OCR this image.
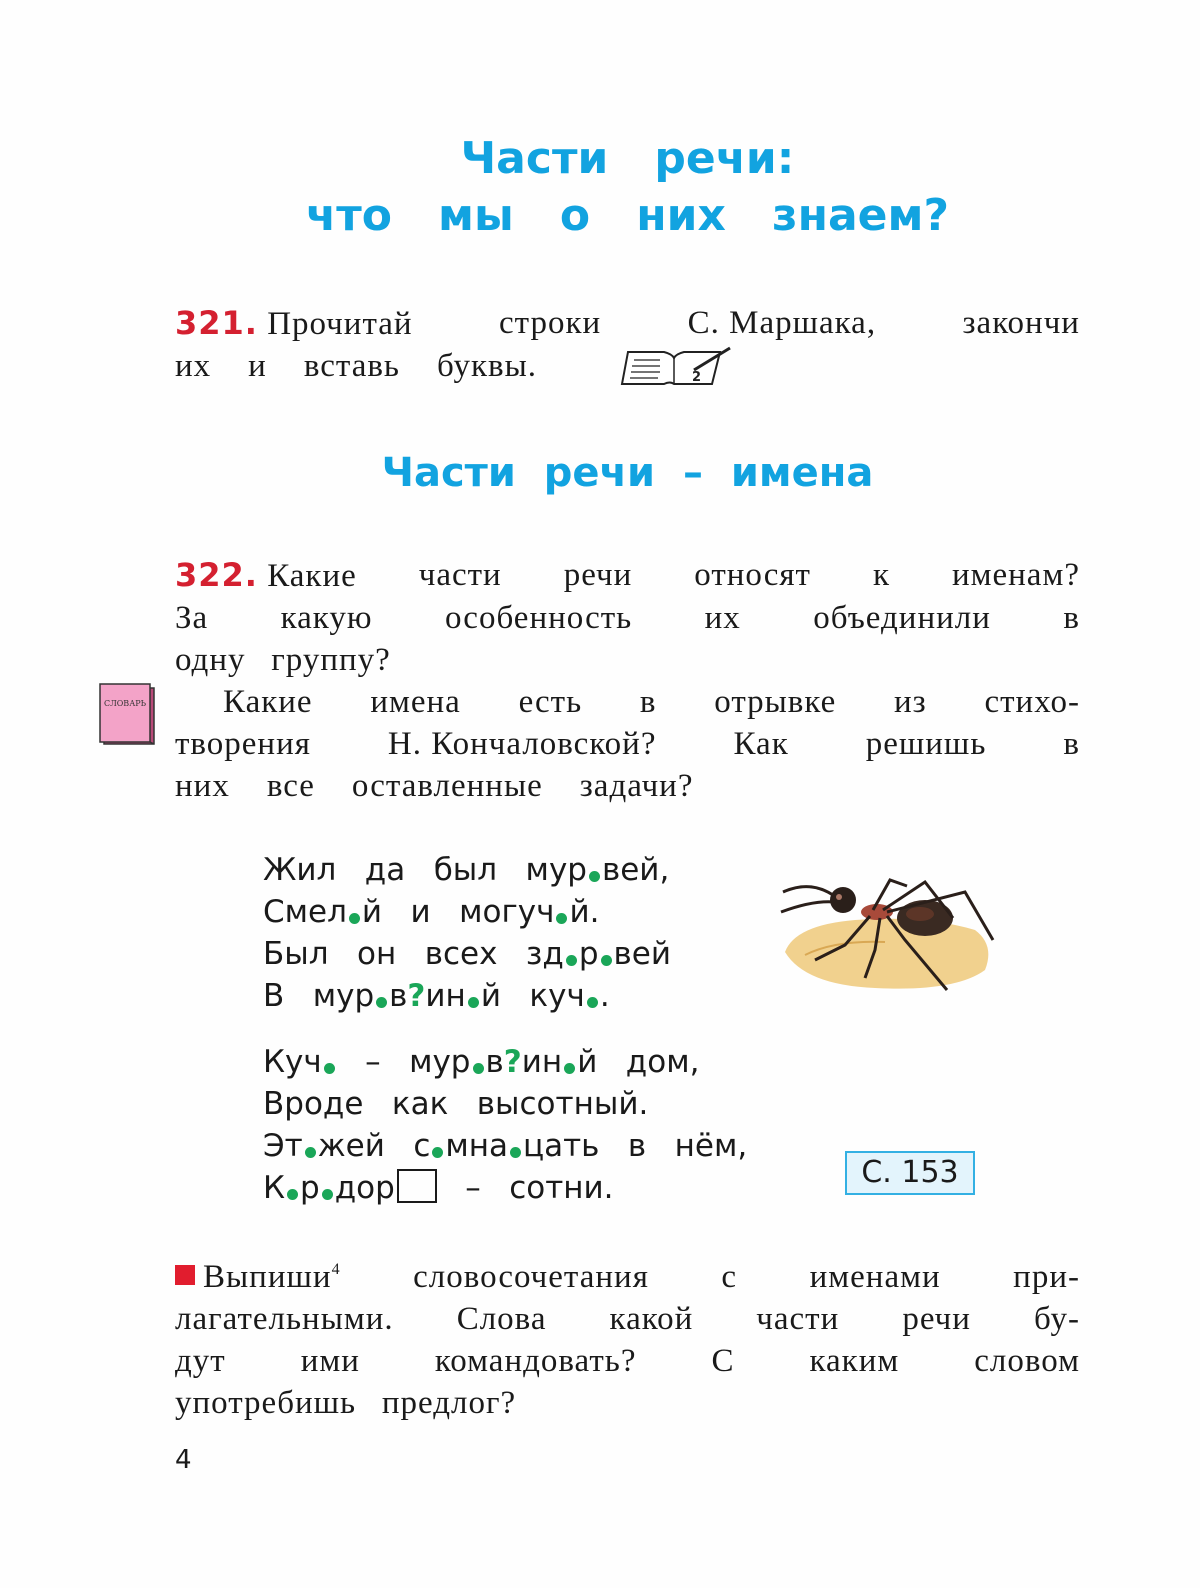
Части речи:
что мы о них знаем?
321. Прочитай	строки	С. Маршака,	закончи
их и вставь буквы.	2
Части речи – имена
322. Какие части речи относят к именам?
За какую особенность их объединили в
одну группу?
Какие имена есть в отрывке из стихо-
творения Н. Кончаловской? Как решишь в
них все оставленные задачи?
СЛОВАРЬ
Жил да был мур вей,
Смел й и могуч й.
Был он всех зд р вей
В мур в?ин й куч .
Куч – мур в?ин й дом,
Вроде как высотный.
Эт жей с мна цать в нём,
К р дор – сотни.	С. 153
Выпиши$^4$ словосочетания с именами при-
лагательными. Слова какой части речи бу-
дут ими командовать? С каким словом
употребишь предлог?
4
